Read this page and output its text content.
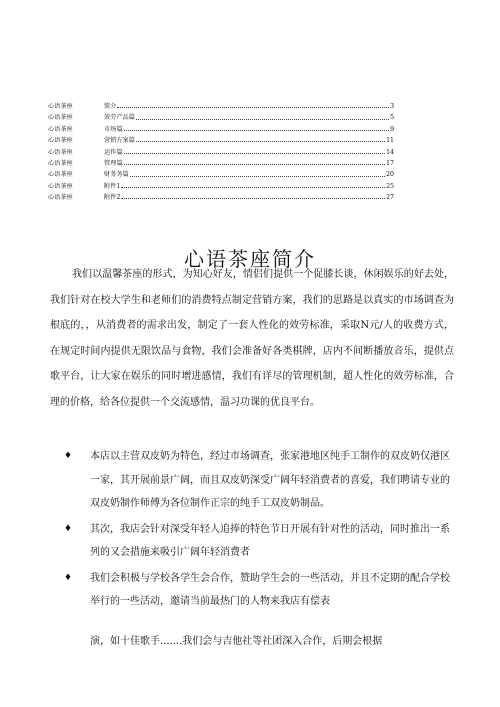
心语茶座	简介	3
心语茶座	效劳产品篇	5
心语茶座	市场篇	9
心语茶座	营销方案篇	11
心语茶座	运作篇	14
心语茶座	管理篇	17
心语茶座	财务务篇	20
心语茶座	附件1	25
心语茶座	附件2	27
心语茶座简介

我们以温馨茶座的形式，为知心好友，情侣们提供一个促膝长谈，休闲娱乐的好去处，我们针对在校大学生和老师们的消费特点制定营销方案，我们的思路是以真实的市场调查为根底的，，从消费者的需求出发，制定了一套人性化的效劳标准，采取N元/人的收费方式，在规定时间内提供无限饮品与食物，我们会准备好各类棋牌，店内不间断播放音乐，提供点歌平台，让大家在娱乐的同时增进感情，我们有详尽的管理机制，超人性化的效劳标准，合理的价格，给各位提供一个交流感情，温习功课的优良平台。

♦ 本店以主营双皮奶为特色，经过市场调查，张家港地区纯手工制作的双皮奶仅港区一家，其开展前景广阔，而且双皮奶深受广阔年轻消费者的喜爱，我们聘请专业的双皮奶制作师傅为各位制作正宗的纯手工双皮奶制品。
♦ 其次，我店会针对深受年轻人追捧的特色节日开展有针对性的活动，同时推出一系列的又会措施来吸引广阔年轻消费者
♦ 我们会积极与学校各学生会合作，赞助学生会的一些活动，并且不定期的配合学校举行的一些活动，邀请当前最热门的人物来我店有偿表
演，如十佳歌手.......我们会与吉他社等社团深入合作，后期会根据
